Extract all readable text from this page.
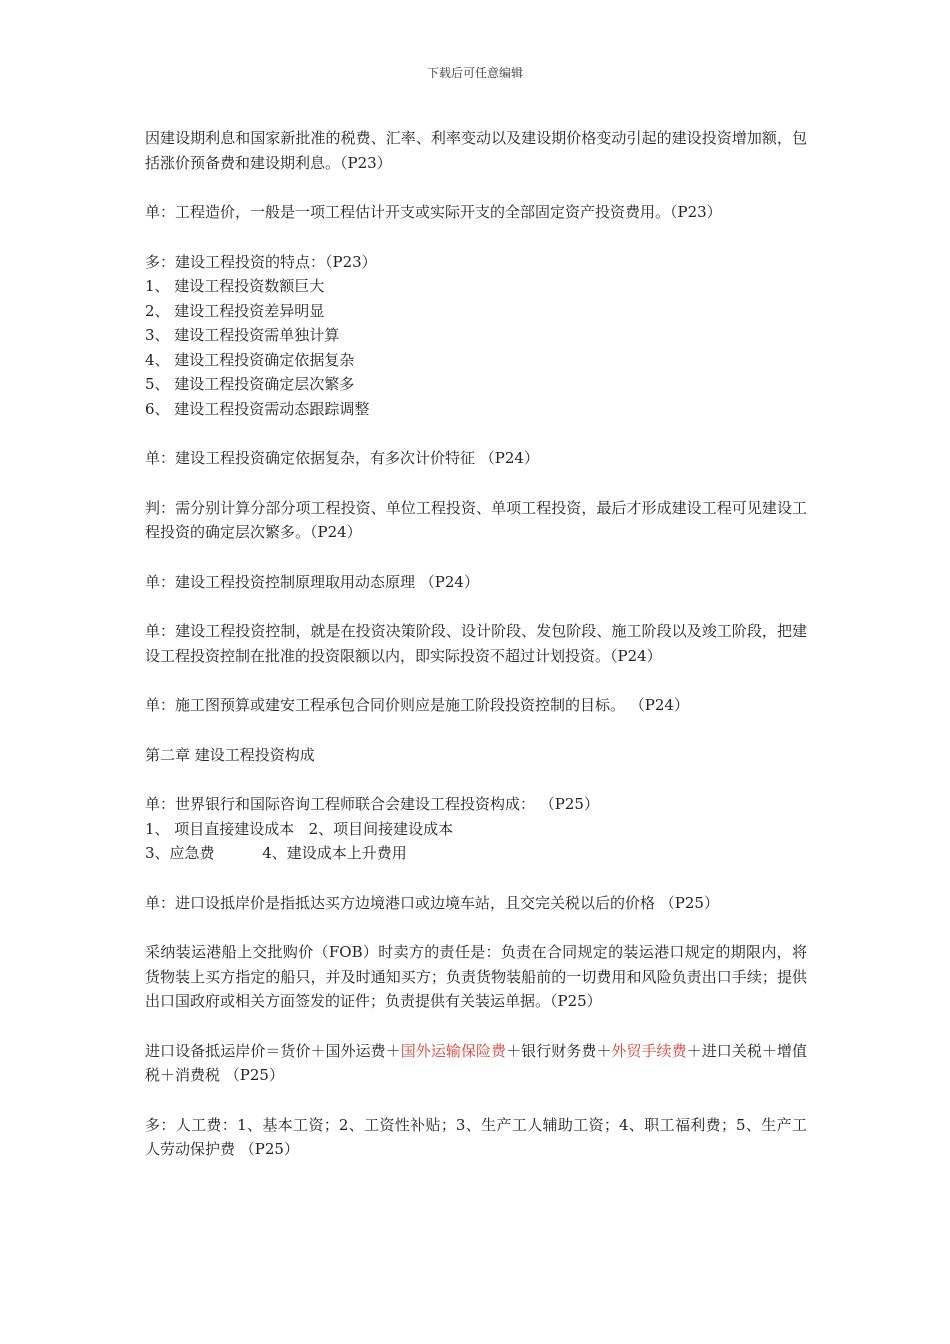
下载后可任意编辑

因建设期利息和国家新批准的税费、汇率、利率变动以及建设期价格变动引起的建设投资增加额，包括涨价预备费和建设期利息。（P23）

单：工程造价，一般是一项工程估计开支或实际开支的全部固定资产投资费用。（P23）

多：建设工程投资的特点：（P23）

1、 建设工程投资数额巨大

2、 建设工程投资差异明显

3、 建设工程投资需单独计算

4、 建设工程投资确定依据复杂

5、 建设工程投资确定层次繁多

6、 建设工程投资需动态跟踪调整

单：建设工程投资确定依据复杂，有多次计价特征 （P24）

判：需分别计算分部分项工程投资、单位工程投资、单项工程投资，最后才形成建设工程可见建设工程投资的确定层次繁多。（P24）

单：建设工程投资控制原理取用动态原理 （P24）

单：建设工程投资控制，就是在投资决策阶段、设计阶段、发包阶段、施工阶段以及竣工阶段，把建设工程投资控制在批准的投资限额以内，即实际投资不超过计划投资。（P24）

单：施工图预算或建安工程承包合同价则应是施工阶段投资控制的目标。 （P24）

第二章 建设工程投资构成

单：世界银行和国际咨询工程师联合会建设工程投资构成： （P25）

1、 项目直接建设成本   2、项目间接建设成本

3、应急费          4、建设成本上升费用

单：进口设抵岸价是指抵达买方边境港口或边境车站，且交完关税以后的价格 （P25）

采纳装运港船上交批购价（FOB）时卖方的责任是：负责在合同规定的装运港口规定的期限内，将货物装上买方指定的船只，并及时通知买方；负责货物装船前的一切费用和风险负责出口手续；提供出口国政府或相关方面签发的证件；负责提供有关装运单据。（P25）

进口设备抵运岸价＝货价＋国外运费＋国外运输保险费＋银行财务费＋外贸手续费＋进口关税＋增值税＋消费税 （P25）

多：人工费：1、基本工资；2、工资性补贴；3、生产工人辅助工资；4、职工福利费；5、生产工人劳动保护费 （P25）
